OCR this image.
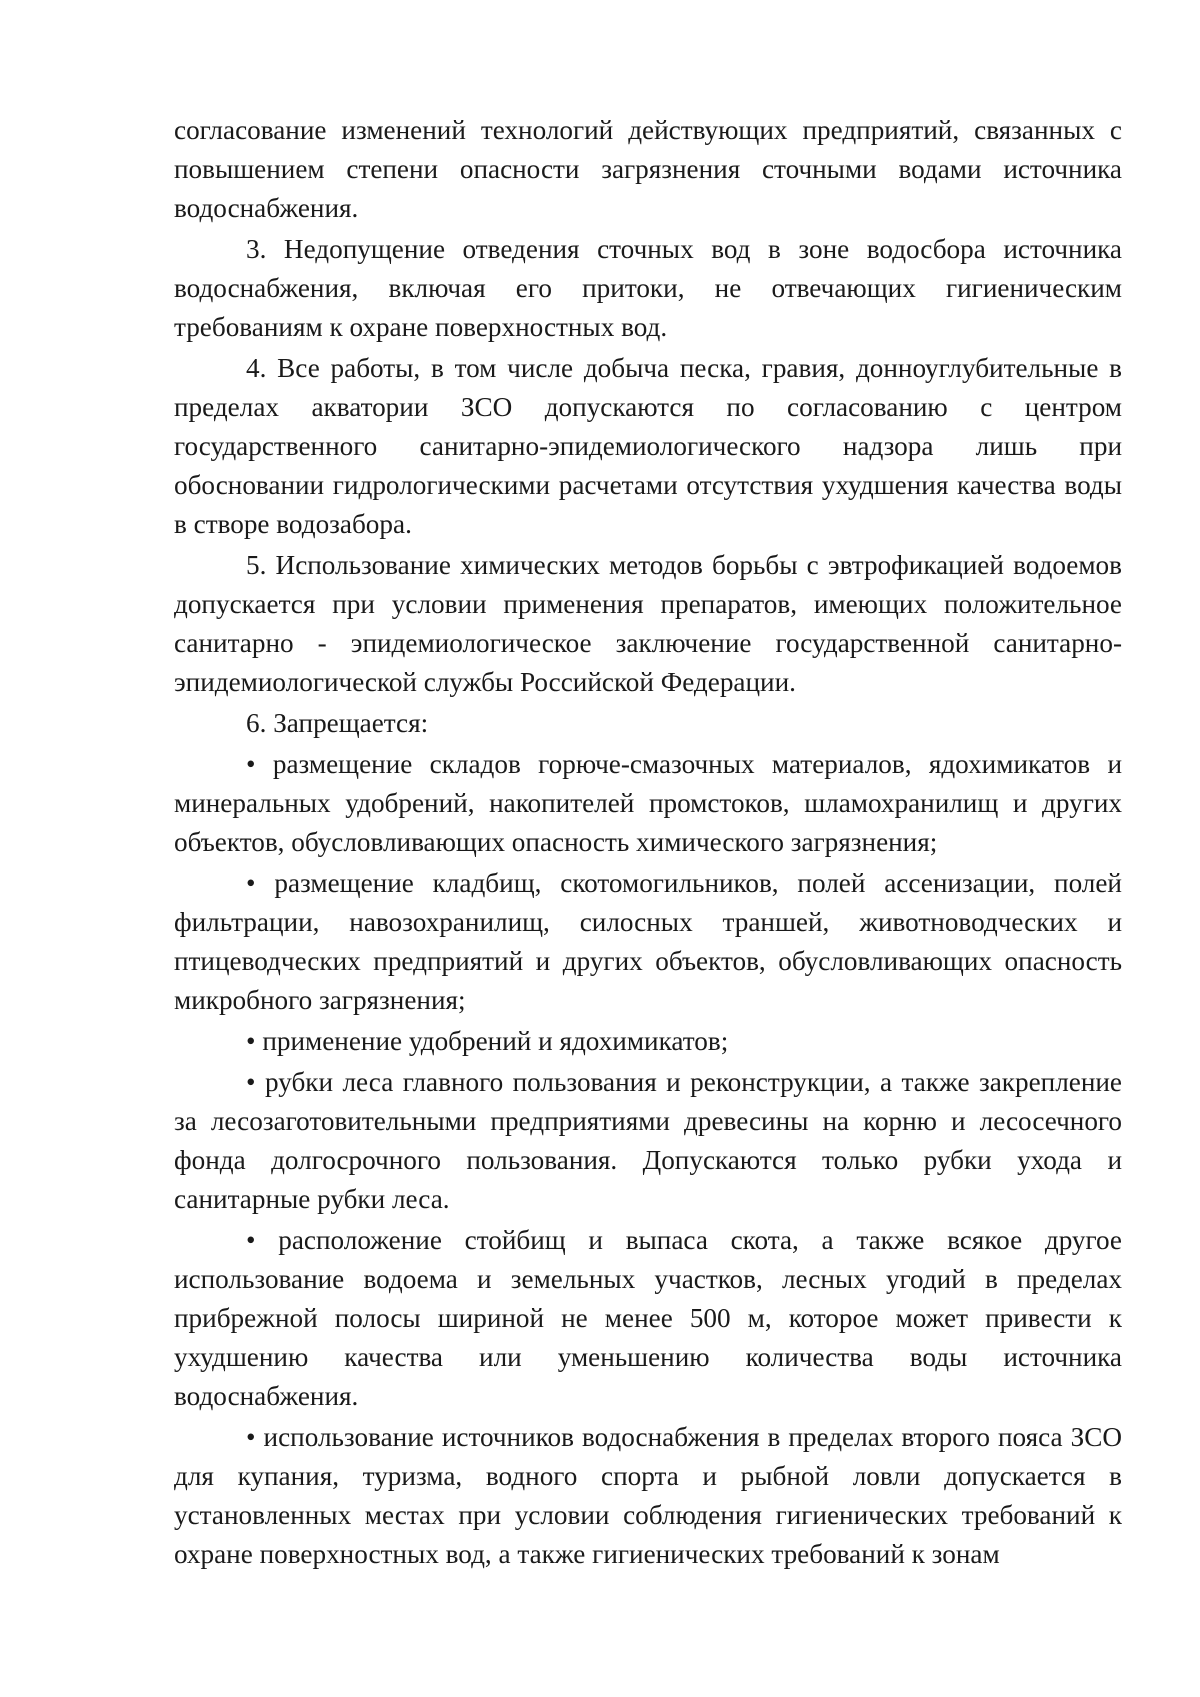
согласование изменений технологий действующих предприятий, связанных с повышением степени опасности загрязнения сточными водами источника водоснабжения.

3. Недопущение отведения сточных вод в зоне водосбора источника водоснабжения, включая его притоки, не отвечающих гигиеническим требованиям к охране поверхностных вод.

4. Все работы, в том числе добыча песка, гравия, донноуглубительные в пределах акватории ЗСО допускаются по согласованию с центром государственного санитарно-эпидемиологического надзора лишь при обосновании гидрологическими расчетами отсутствия ухудшения качества воды в створе водозабора.

5. Использование химических методов борьбы с эвтрофикацией водоемов допускается при условии применения препаратов, имеющих положительное санитарно - эпидемиологическое заключение государственной санитарно-эпидемиологической службы Российской Федерации.

6. Запрещается:

• размещение складов горюче-смазочных материалов, ядохимикатов и минеральных удобрений, накопителей промстоков, шламохранилищ и других объектов, обусловливающих опасность химического загрязнения;

• размещение кладбищ, скотомогильников, полей ассенизации, полей фильтрации, навозохранилищ, силосных траншей, животноводческих и птицеводческих предприятий и других объектов, обусловливающих опасность микробного загрязнения;

• применение удобрений и ядохимикатов;

• рубки леса главного пользования и реконструкции, а также закрепление за лесозаготовительными предприятиями древесины на корню и лесосечного фонда долгосрочного пользования. Допускаются только рубки ухода и санитарные рубки леса.

• расположение стойбищ и выпаса скота, а также всякое другое использование водоема и земельных участков, лесных угодий в пределах прибрежной полосы шириной не менее 500 м, которое может привести к ухудшению качества или уменьшению количества воды источника водоснабжения.

• использование источников водоснабжения в пределах второго пояса ЗСО для купания, туризма, водного спорта и рыбной ловли допускается в установленных местах при условии соблюдения гигиенических требований к охране поверхностных вод, а также гигиенических требований к зонам
